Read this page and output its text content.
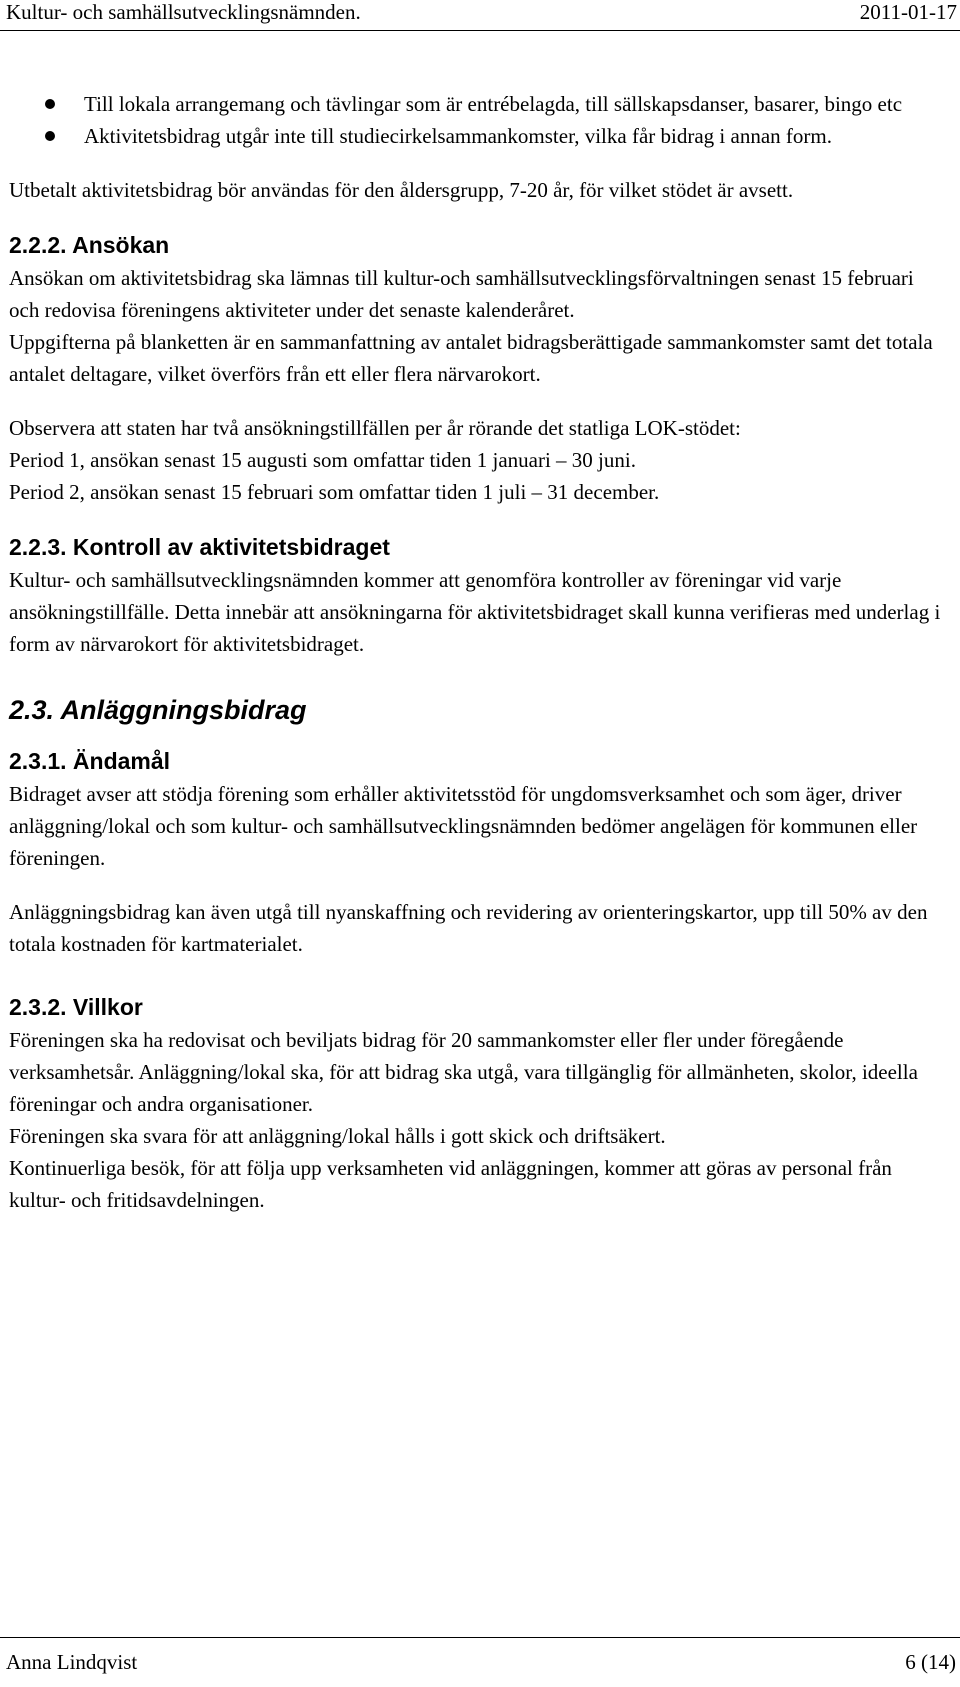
Kultur- och samhällsutvecklingsnämnden.	2011-01-17
Till lokala arrangemang och tävlingar som är entrébelagda, till sällskapsdanser, basarer, bingo etc
Aktivitetsbidrag utgår inte till studiecirkelsammankomster, vilka får bidrag i annan form.

Utbetalt aktivitetsbidrag bör användas för den åldersgrupp, 7-20 år, för vilket stödet är avsett.

2.2.2. Ansökan

Ansökan om aktivitetsbidrag ska lämnas till kultur-och samhällsutvecklingsförvaltningen senast 15 februari och redovisa föreningens aktiviteter under det senaste kalenderåret.

Uppgifterna på blanketten är en sammanfattning av antalet bidragsberättigade sammankomster samt det totala antalet deltagare, vilket överförs från ett eller flera närvarokort.

Observera att staten har två ansökningstillfällen per år rörande det statliga LOK-stödet:

Period 1, ansökan senast 15 augusti som omfattar tiden 1 januari – 30 juni.

Period 2, ansökan senast 15 februari som omfattar tiden 1 juli – 31 december.

2.2.3. Kontroll av aktivitetsbidraget

Kultur- och samhällsutvecklingsnämnden kommer att genomföra kontroller av föreningar vid varje ansökningstillfälle. Detta innebär att ansökningarna för aktivitetsbidraget skall kunna verifieras med underlag i form av närvarokort för aktivitetsbidraget.

2.3. Anläggningsbidrag
2.3.1. Ändamål

Bidraget avser att stödja förening som erhåller aktivitetsstöd för ungdomsverksamhet och som äger, driver anläggning/lokal och som kultur- och samhällsutvecklingsnämnden bedömer angelägen för kommunen eller föreningen.

Anläggningsbidrag kan även utgå till nyanskaffning och revidering av orienteringskartor, upp till 50% av den totala kostnaden för kartmaterialet.

2.3.2. Villkor

Föreningen ska ha redovisat och beviljats bidrag för 20 sammankomster eller fler under föregående verksamhetsår. Anläggning/lokal ska, för att bidrag ska utgå, vara tillgänglig för allmänheten, skolor, ideella föreningar och andra organisationer.

Föreningen ska svara för att anläggning/lokal hålls i gott skick och driftsäkert.

Kontinuerliga besök, för att följa upp verksamheten vid anläggningen, kommer att göras av personal från kultur- och fritidsavdelningen.

Anna Lindqvist	6 (14)
